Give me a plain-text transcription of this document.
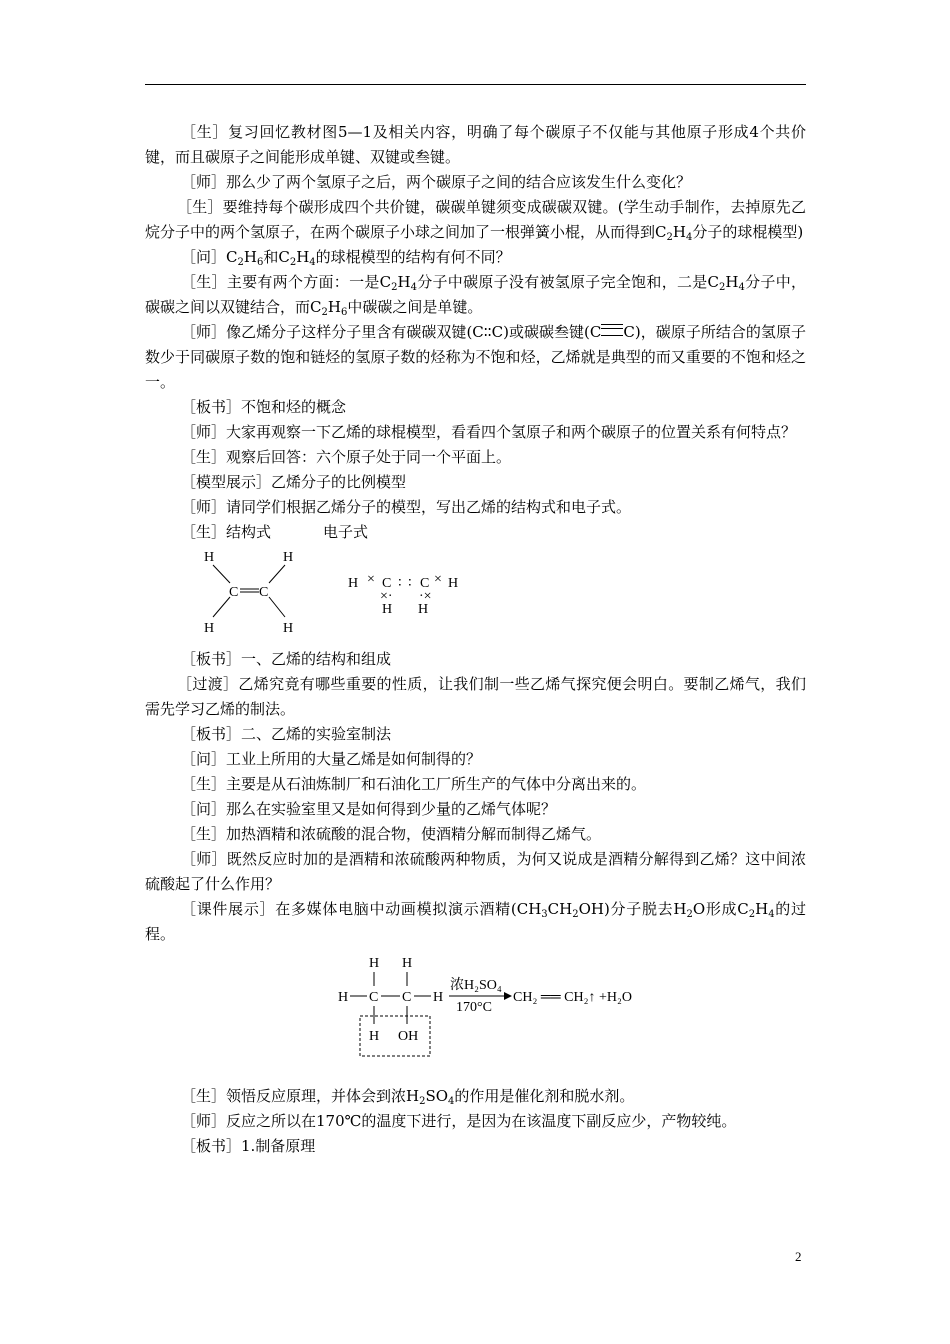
［生］复习回忆教材图5—1及相关内容，明确了每个碳原子不仅能与其他原子形成4个共价键，而且碳原子之间能形成单键、双键或叁键。

［师］那么少了两个氢原子之后，两个碳原子之间的结合应该发生什么变化？

［生］要维持每个碳形成四个共价键，碳碳单键须变成碳碳双键。(学生动手制作，去掉原先乙烷分子中的两个氢原子，在两个碳原子小球之间加了一根弹簧小棍，从而得到$C_2H_4$分子的球棍模型)

［问$]C_2H_6$和$C_2H_4$的球棍模型的结构有何不同？

［生］主要有两个方面：一是$C_2H_4$分子中碳原子没有被氢原子完全饱和，二是$C_2H_4$分子中，碳碳之间以双键结合，而$C_2H_6$中碳碳之间是单键。

［师］像乙烯分子这样分子里含有碳碳双键(C∶∶C)或碳碳叁键(C C)，碳原子所结合的氢原子数少于同碳原子数的饱和链烃的氢原子数的烃称为不饱和烃，乙烯就是典型的而又重要的不饱和烃之一。

［板书］不饱和烃的概念

［师］大家再观察一下乙烯的球棍模型，看看四个氢原子和两个碳原子的位置关系有何特点？

［生］观察后回答：六个原子处于同一个平面上。

［模型展示］乙烯分子的比例模型

［师］请同学们根据乙烯分子的模型，写出乙烯的结构式和电子式。

［生］结构式	电子式

H	H
C C
H	H
H × C ∶ ∶ C × H
×· ·×
H H

［板书］一、乙烯的结构和组成

［过渡］乙烯究竟有哪些重要的性质，让我们制一些乙烯气探究便会明白。要制乙烯气，我们需先学习乙烯的制法。

［板书］二、乙烯的实验室制法

［问］工业上所用的大量乙烯是如何制得的？

［生］主要是从石油炼制厂和石油化工厂所生产的气体中分离出来的。

［问］那么在实验室里又是如何得到少量的乙烯气体呢？

［生］加热酒精和浓硫酸的混合物，使酒精分解而制得乙烯气。

［师］既然反应时加的是酒精和浓硫酸两种物质，为何又说成是酒精分解得到乙烯？这中间浓硫酸起了什么作用？

［课件展示］在多媒体电脑中动画模拟演示酒精$(CH_3CH_2OH)$分子脱去$H_2O$形成$C_2H_4$的过程。

H H
H C C H
H OH
浓H₂SO₄
170°C
CH₂ ══ CH₂↑ +H₂O

［生］领悟反应原理，并体会到浓$H_2SO_4$的作用是催化剂和脱水剂。

［师］反应之所以在170℃的温度下进行，是因为在该温度下副反应少，产物较纯。

［板书］1.制备原理

2
